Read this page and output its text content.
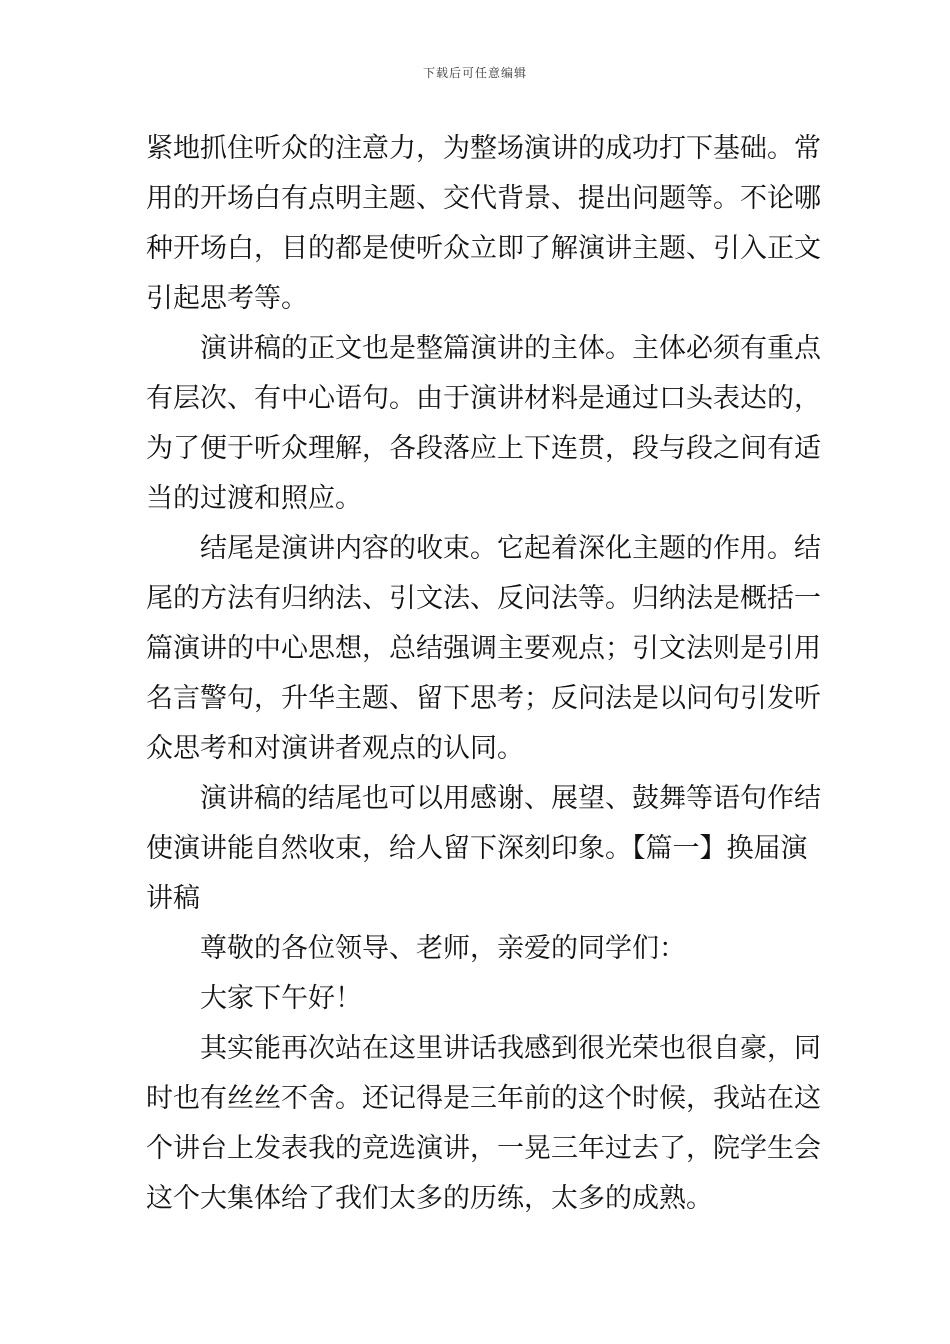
下载后可任意编辑
紧地抓住听众的注意力，为整场演讲的成功打下基础。常
用的开场白有点明主题、交代背景、提出问题等。不论哪
种开场白，目的都是使听众立即了解演讲主题、引入正文
引起思考等。
演讲稿的正文也是整篇演讲的主体。主体必须有重点
有层次、有中心语句。由于演讲材料是通过口头表达的，
为了便于听众理解，各段落应上下连贯，段与段之间有适
当的过渡和照应。
结尾是演讲内容的收束。它起着深化主题的作用。结
尾的方法有归纳法、引文法、反问法等。归纳法是概括一
篇演讲的中心思想，总结强调主要观点；引文法则是引用
名言警句，升华主题、留下思考；反问法是以问句引发听
众思考和对演讲者观点的认同。
演讲稿的结尾也可以用感谢、展望、鼓舞等语句作结
使演讲能自然收束，给人留下深刻印象。【篇一】换届演
讲稿
尊敬的各位领导、老师，亲爱的同学们：
大家下午好！
其实能再次站在这里讲话我感到很光荣也很自豪，同
时也有丝丝不舍。还记得是三年前的这个时候，我站在这
个讲台上发表我的竞选演讲，一晃三年过去了，院学生会
这个大集体给了我们太多的历练，太多的成熟。
